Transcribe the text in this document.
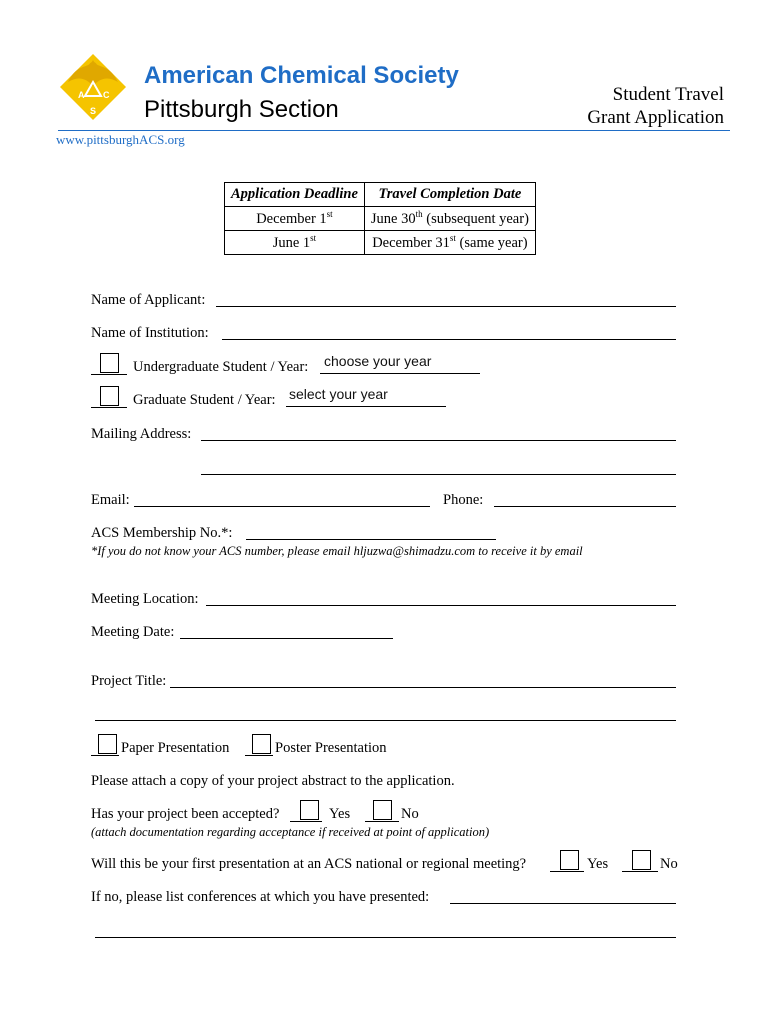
A C
S
American Chemical Society
Pittsburgh Section
Student Travel
Grant Application
www.pittsburghACS.org
Application Deadline	Travel Completion Date
December 1st	June 30th (subsequent year)
June 1st	December 31st (same year)
Name of Applicant:
Name of Institution:
Undergraduate Student / Year: choose your year
Graduate Student / Year: select your year
Mailing Address:
Email:	Phone:
ACS Membership No.*:
*If you do not know your ACS number, please email hljuzwa@shimadzu.com to receive it by email
Meeting Location:
Meeting Date:
Project Title:
Paper Presentation	Poster Presentation
Please attach a copy of your project abstract to the application.
Has your project been accepted?	Yes	No
(attach documentation regarding acceptance if received at point of application)
Will this be your first presentation at an ACS national or regional meeting?	Yes	No
If no, please list conferences at which you have presented:
